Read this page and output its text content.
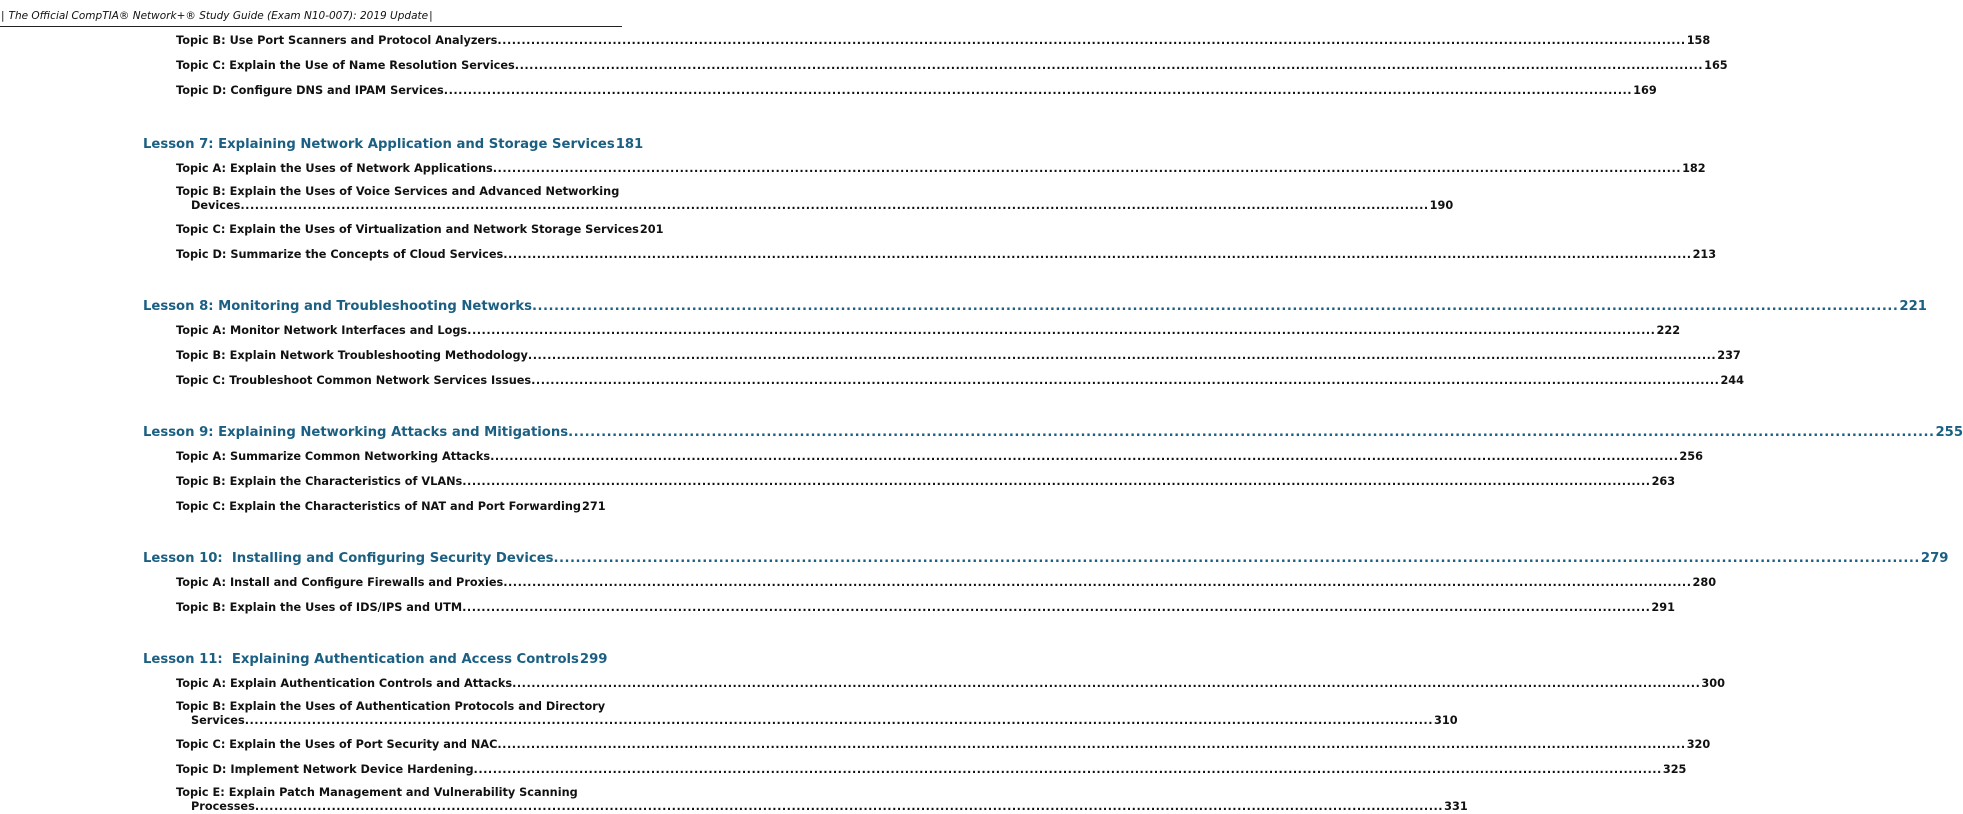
| The Official CompTIA® Network+® Study Guide (Exam N10-007): 2019 Update|
Topic B: Use Port Scanners and Protocol Analyzers .....	158
Topic C: Explain the Use of Name Resolution Services .....	165
Topic D: Configure DNS and IPAM Services .....	169
Lesson 7: Explaining Network Application and Storage Services 181
Topic A: Explain the Uses of Network Applications .....	182
Topic B: Explain the Uses of Voice Services and Advanced Networking
Devices .....	190
Topic C: Explain the Uses of Virtualization and Network Storage Services 201
Topic D: Summarize the Concepts of Cloud Services .....	213
Lesson 8: Monitoring and Troubleshooting Networks .....	221
Topic A: Monitor Network Interfaces and Logs .....	222
Topic B: Explain Network Troubleshooting Methodology .....	237
Topic C: Troubleshoot Common Network Services Issues .....	244
Lesson 9: Explaining Networking Attacks and Mitigations .....	255
Topic A: Summarize Common Networking Attacks .....	256
Topic B: Explain the Characteristics of VLANs .....	263
Topic C: Explain the Characteristics of NAT and Port Forwarding 271
Lesson 10:  Installing and Configuring Security Devices .....	279
Topic A: Install and Configure Firewalls and Proxies .....	280
Topic B: Explain the Uses of IDS/IPS and UTM .....	291
Lesson 11:  Explaining Authentication and Access Controls 299
Topic A: Explain Authentication Controls and Attacks .....	300
Topic B: Explain the Uses of Authentication Protocols and Directory
Services .....	310
Topic C: Explain the Uses of Port Security and NAC .....	320
Topic D: Implement Network Device Hardening .....	325
Topic E: Explain Patch Management and Vulnerability Scanning
Processes .....	331
